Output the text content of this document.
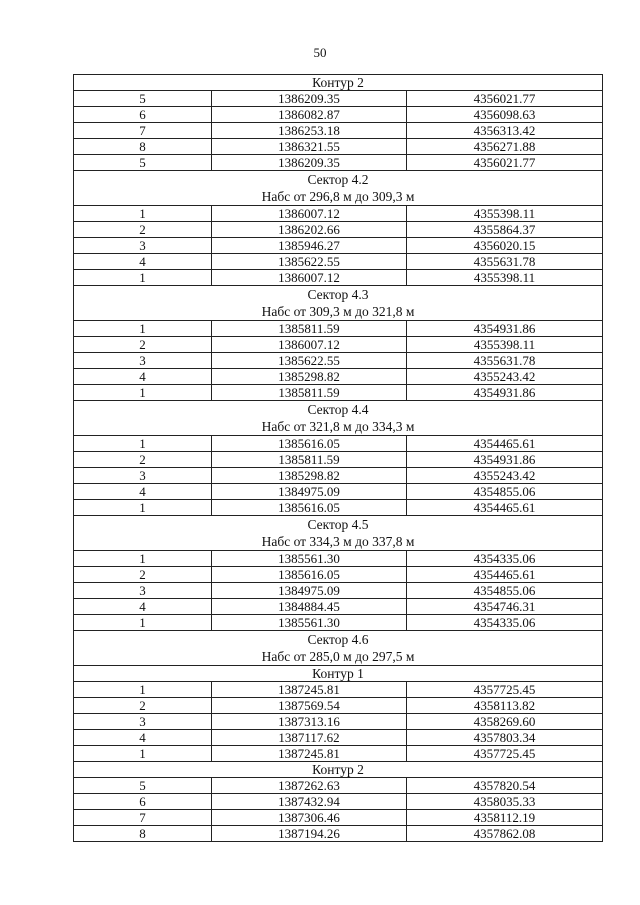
50
Контур 2		
5	1386209.35	4356021.77
6	1386082.87	4356098.63
7	1386253.18	4356313.42
8	1386321.55	4356271.88
5	1386209.35	4356021.77

Сектор 4.2
Набс от 296,8 м до 309,3 м		

1	1386007.12	4355398.11
2	1386202.66	4355864.37
3	1385946.27	4356020.15
4	1385622.55	4355631.78
1	1386007.12	4355398.11

Сектор 4.3
Набс от 309,3 м до 321,8 м		

1	1385811.59	4354931.86
2	1386007.12	4355398.11
3	1385622.55	4355631.78
4	1385298.82	4355243.42
1	1385811.59	4354931.86

Сектор 4.4
Набс от 321,8 м до 334,3 м		

1	1385616.05	4354465.61
2	1385811.59	4354931.86
3	1385298.82	4355243.42
4	1384975.09	4354855.06
1	1385616.05	4354465.61

Сектор 4.5
Набс от 334,3 м до 337,8 м		

1	1385561.30	4354335.06
2	1385616.05	4354465.61
3	1384975.09	4354855.06
4	1384884.45	4354746.31
1	1385561.30	4354335.06

Сектор 4.6
Набс от 285,0 м до 297,5 м		

Контур 1		
1	1387245.81	4357725.45
2	1387569.54	4358113.82
3	1387313.16	4358269.60
4	1387117.62	4357803.34
1	1387245.81	4357725.45
Контур 2		
5	1387262.63	4357820.54
6	1387432.94	4358035.33
7	1387306.46	4358112.19
8	1387194.26	4357862.08
